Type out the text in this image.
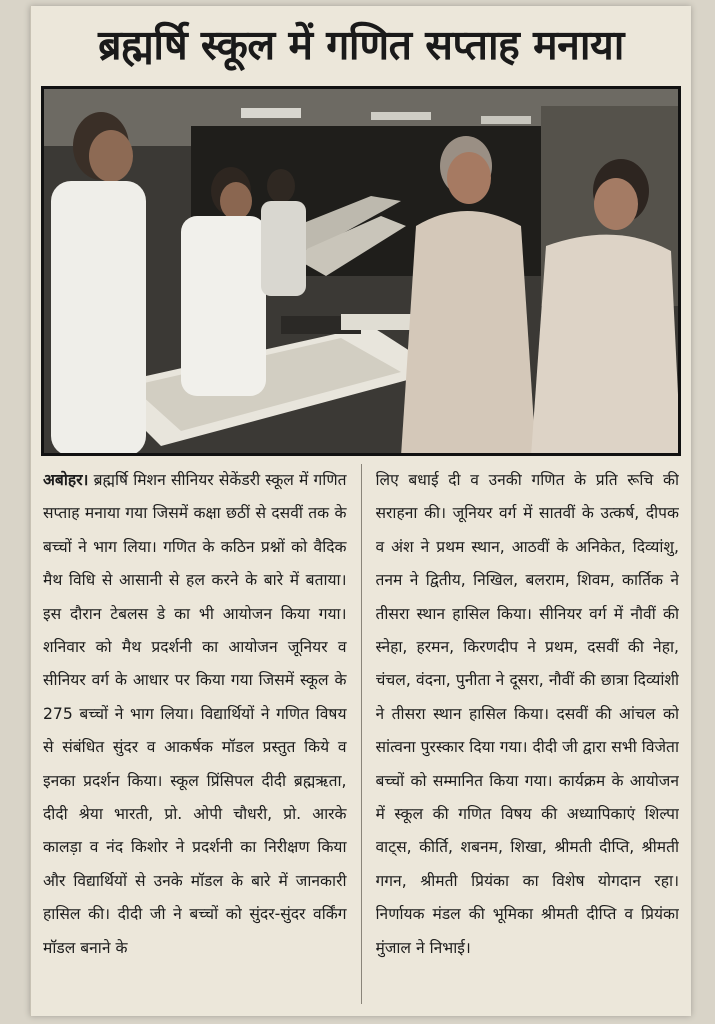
ब्रह्मर्षि स्कूल में गणित सप्ताह मनाया

अबोहर। ब्रह्मर्षि मिशन सीनियर सेकेंडरी स्कूल में गणित सप्ताह मनाया गया जिसमें कक्षा छठीं से दसवीं तक के बच्चों ने भाग लिया। गणित के कठिन प्रश्नों को वैदिक मैथ विधि से आसानी से हल करने के बारे में बताया। इस दौरान टेबलस डे का भी आयोजन किया गया। शनिवार को मैथ प्रदर्शनी का आयोजन जूनियर व सीनियर वर्ग के आधार पर किया गया जिसमें स्कूल के 275 बच्चों ने भाग लिया। विद्यार्थियों ने गणित विषय से संबंधित सुंदर व आकर्षक मॉडल प्रस्तुत किये व इनका प्रदर्शन किया। स्कूल प्रिंसिपल दीदी ब्रह्मऋता, दीदी श्रेया भारती, प्रो. ओपी चौधरी, प्रो. आरके कालड़ा व नंद किशोर ने प्रदर्शनी का निरीक्षण किया और विद्यार्थियों से उनके मॉडल के बारे में जानकारी हासिल की। दीदी जी ने बच्चों को सुंदर-सुंदर वर्किंग मॉडल बनाने के

लिए बधाई दी व उनकी गणित के प्रति रूचि की सराहना की। जूनियर वर्ग में सातवीं के उत्कर्ष, दीपक व अंश ने प्रथम स्थान, आठवीं के अनिकेत, दिव्यांशु, तनम ने द्वितीय, निखिल, बलराम, शिवम, कार्तिक ने तीसरा स्थान हासिल किया। सीनियर वर्ग में नौवीं की स्नेहा, हरमन, किरणदीप ने प्रथम, दसवीं की नेहा, चंचल, वंदना, पुनीता ने दूसरा, नौवीं की छात्रा दिव्यांशी ने तीसरा स्थान हासिल किया। दसवीं की आंचल को सांत्वना पुरस्कार दिया गया। दीदी जी द्वारा सभी विजेता बच्चों को सम्मानित किया गया। कार्यक्रम के आयोजन में स्कूल की गणित विषय की अध्यापिकाएं शिल्पा वाट्स, कीर्ति, शबनम, शिखा, श्रीमती दीप्ति, श्रीमती गगन, श्रीमती प्रियंका का विशेष योगदान रहा। निर्णायक मंडल की भूमिका श्रीमती दीप्ति व प्रियंका मुंजाल ने निभाई।
